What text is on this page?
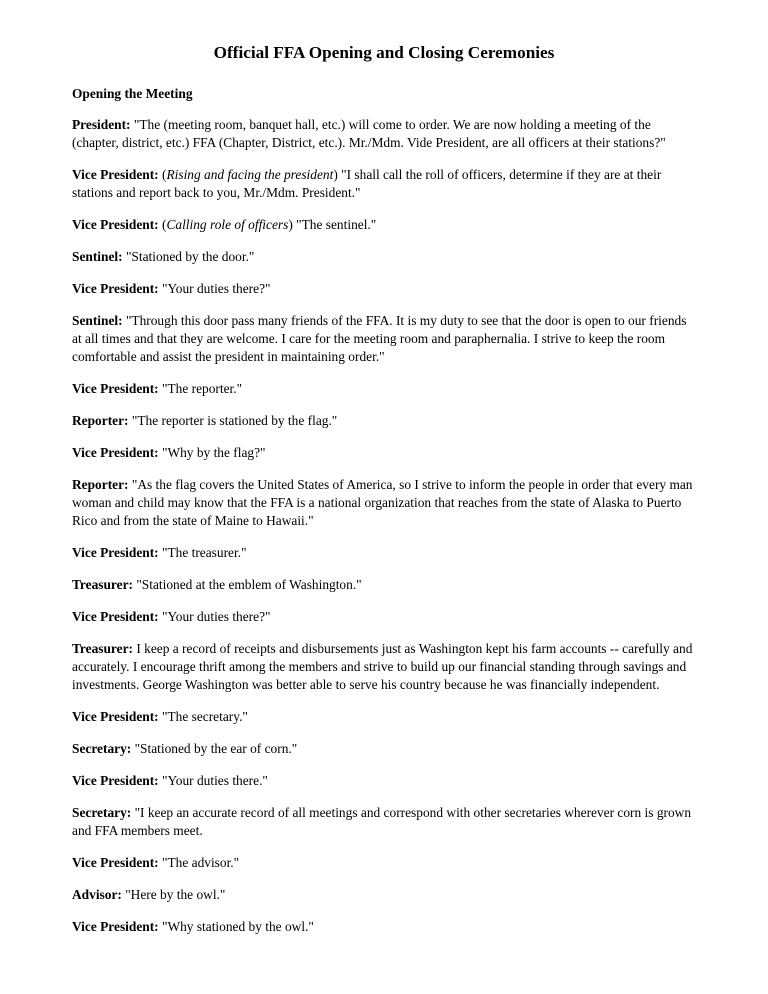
Official FFA Opening and Closing Ceremonies
Opening the Meeting
President: "The (meeting room, banquet hall, etc.) will come to order. We are now holding a meeting of the (chapter, district, etc.) FFA (Chapter, District, etc.). Mr./Mdm. Vide President, are all officers at their stations?"
Vice President: (Rising and facing the president) "I shall call the roll of officers, determine if they are at their stations and report back to you, Mr./Mdm. President."
Vice President: (Calling role of officers) "The sentinel."
Sentinel: "Stationed by the door."
Vice President: "Your duties there?"
Sentinel: "Through this door pass many friends of the FFA. It is my duty to see that the door is open to our friends at all times and that they are welcome. I care for the meeting room and paraphernalia. I strive to keep the room comfortable and assist the president in maintaining order."
Vice President: "The reporter."
Reporter: "The reporter is stationed by the flag."
Vice President: "Why by the flag?"
Reporter: "As the flag covers the United States of America, so I strive to inform the people in order that every man woman and child may know that the FFA is a national organization that reaches from the state of Alaska to Puerto Rico and from the state of Maine to Hawaii."
Vice President: "The treasurer."
Treasurer: "Stationed at the emblem of Washington."
Vice President: "Your duties there?"
Treasurer: I keep a record of receipts and disbursements just as Washington kept his farm accounts -- carefully and accurately. I encourage thrift among the members and strive to build up our financial standing through savings and investments. George Washington was better able to serve his country because he was financially independent.
Vice President: "The secretary."
Secretary: "Stationed by the ear of corn."
Vice President: "Your duties there."
Secretary: "I keep an accurate record of all meetings and correspond with other secretaries wherever corn is grown and FFA members meet.
Vice President: "The advisor."
Advisor: "Here by the owl."
Vice President: "Why stationed by the owl."
